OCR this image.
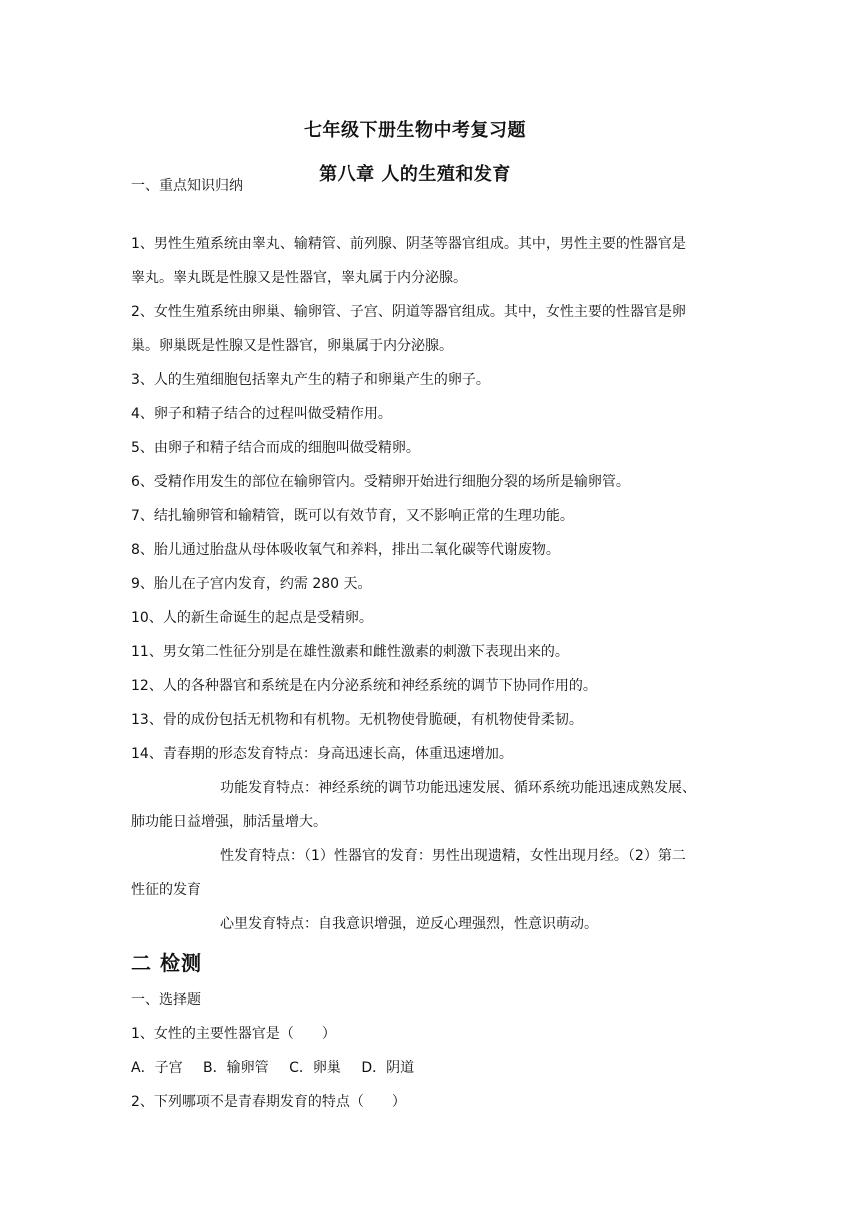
七年级下册生物中考复习题
第八章 人的生殖和发育
一、重点知识归纳
1、男性生殖系统由睾丸、输精管、前列腺、阴茎等器官组成。其中，男性主要的性器官是
睾丸。睾丸既是性腺又是性器官，睾丸属于内分泌腺。
2、女性生殖系统由卵巢、输卵管、子宫、阴道等器官组成。其中，女性主要的性器官是卵
巢。卵巢既是性腺又是性器官，卵巢属于内分泌腺。
3、人的生殖细胞包括睾丸产生的精子和卵巢产生的卵子。
4、卵子和精子结合的过程叫做受精作用。
5、由卵子和精子结合而成的细胞叫做受精卵。
6、受精作用发生的部位在输卵管内。受精卵开始进行细胞分裂的场所是输卵管。
7、结扎输卵管和输精管，既可以有效节育，又不影响正常的生理功能。
8、胎儿通过胎盘从母体吸收氧气和养料，排出二氧化碳等代谢废物。
9、胎儿在子宫内发育，约需 280 天。
10、人的新生命诞生的起点是受精卵。
11、男女第二性征分别是在雄性激素和雌性激素的刺激下表现出来的。
12、人的各种器官和系统是在内分泌系统和神经系统的调节下协同作用的。
13、骨的成份包括无机物和有机物。无机物使骨脆硬，有机物使骨柔韧。
14、青春期的形态发育特点：身高迅速长高，体重迅速增加。
功能发育特点：神经系统的调节功能迅速发展、循环系统功能迅速成熟发展、
肺功能日益增强，肺活量增大。
性发育特点：（1）性器官的发育：男性出现遗精，女性出现月经。（2）第二
性征的发育
心里发育特点：自我意识增强，逆反心理强烈，性意识萌动。
二 检测
一、选择题
1、女性的主要性器官是（　　）
A．子宫 B．输卵管 C．卵巢 D．阴道
2、下列哪项不是青春期发育的特点（　　）
